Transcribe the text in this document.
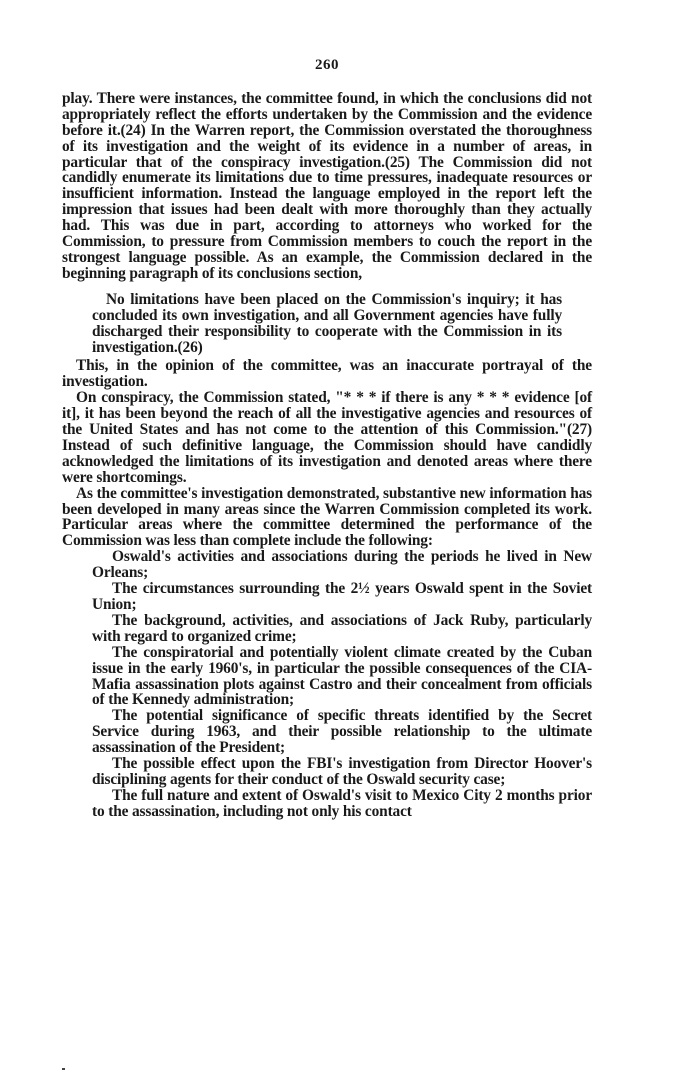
260

play. There were instances, the committee found, in which the conclusions did not appropriately reflect the efforts undertaken by the Commission and the evidence before it.(24) In the Warren report, the Commission overstated the thoroughness of its investigation and the weight of its evidence in a number of areas, in particular that of the conspiracy investigation.(25) The Commission did not candidly enumerate its limitations due to time pressures, inadequate resources or insufficient information. Instead the language employed in the report left the impression that issues had been dealt with more thoroughly than they actually had. This was due in part, according to attorneys who worked for the Commission, to pressure from Commission members to couch the report in the strongest language possible. As an example, the Commission declared in the beginning paragraph of its conclusions section,

No limitations have been placed on the Commission's inquiry; it has concluded its own investigation, and all Government agencies have fully discharged their responsibility to cooperate with the Commission in its investigation.(26)

This, in the opinion of the committee, was an inaccurate portrayal of the investigation.

On conspiracy, the Commission stated, "* * * if there is any * * * evidence [of it], it has been beyond the reach of all the investigative agencies and resources of the United States and has not come to the attention of this Commission."(27) Instead of such definitive language, the Commission should have candidly acknowledged the limitations of its investigation and denoted areas where there were shortcomings.

As the committee's investigation demonstrated, substantive new information has been developed in many areas since the Warren Commission completed its work. Particular areas where the committee determined the performance of the Commission was less than complete include the following:

Oswald's activities and associations during the periods he lived in New Orleans;
The circumstances surrounding the 2½ years Oswald spent in the Soviet Union;
The background, activities, and associations of Jack Ruby, particularly with regard to organized crime;
The conspiratorial and potentially violent climate created by the Cuban issue in the early 1960's, in particular the possible consequences of the CIA-Mafia assassination plots against Castro and their concealment from officials of the Kennedy administration;
The potential significance of specific threats identified by the Secret Service during 1963, and their possible relationship to the ultimate assassination of the President;
The possible effect upon the FBI's investigation from Director Hoover's disciplining agents for their conduct of the Oswald security case;
The full nature and extent of Oswald's visit to Mexico City 2 months prior to the assassination, including not only his contact
